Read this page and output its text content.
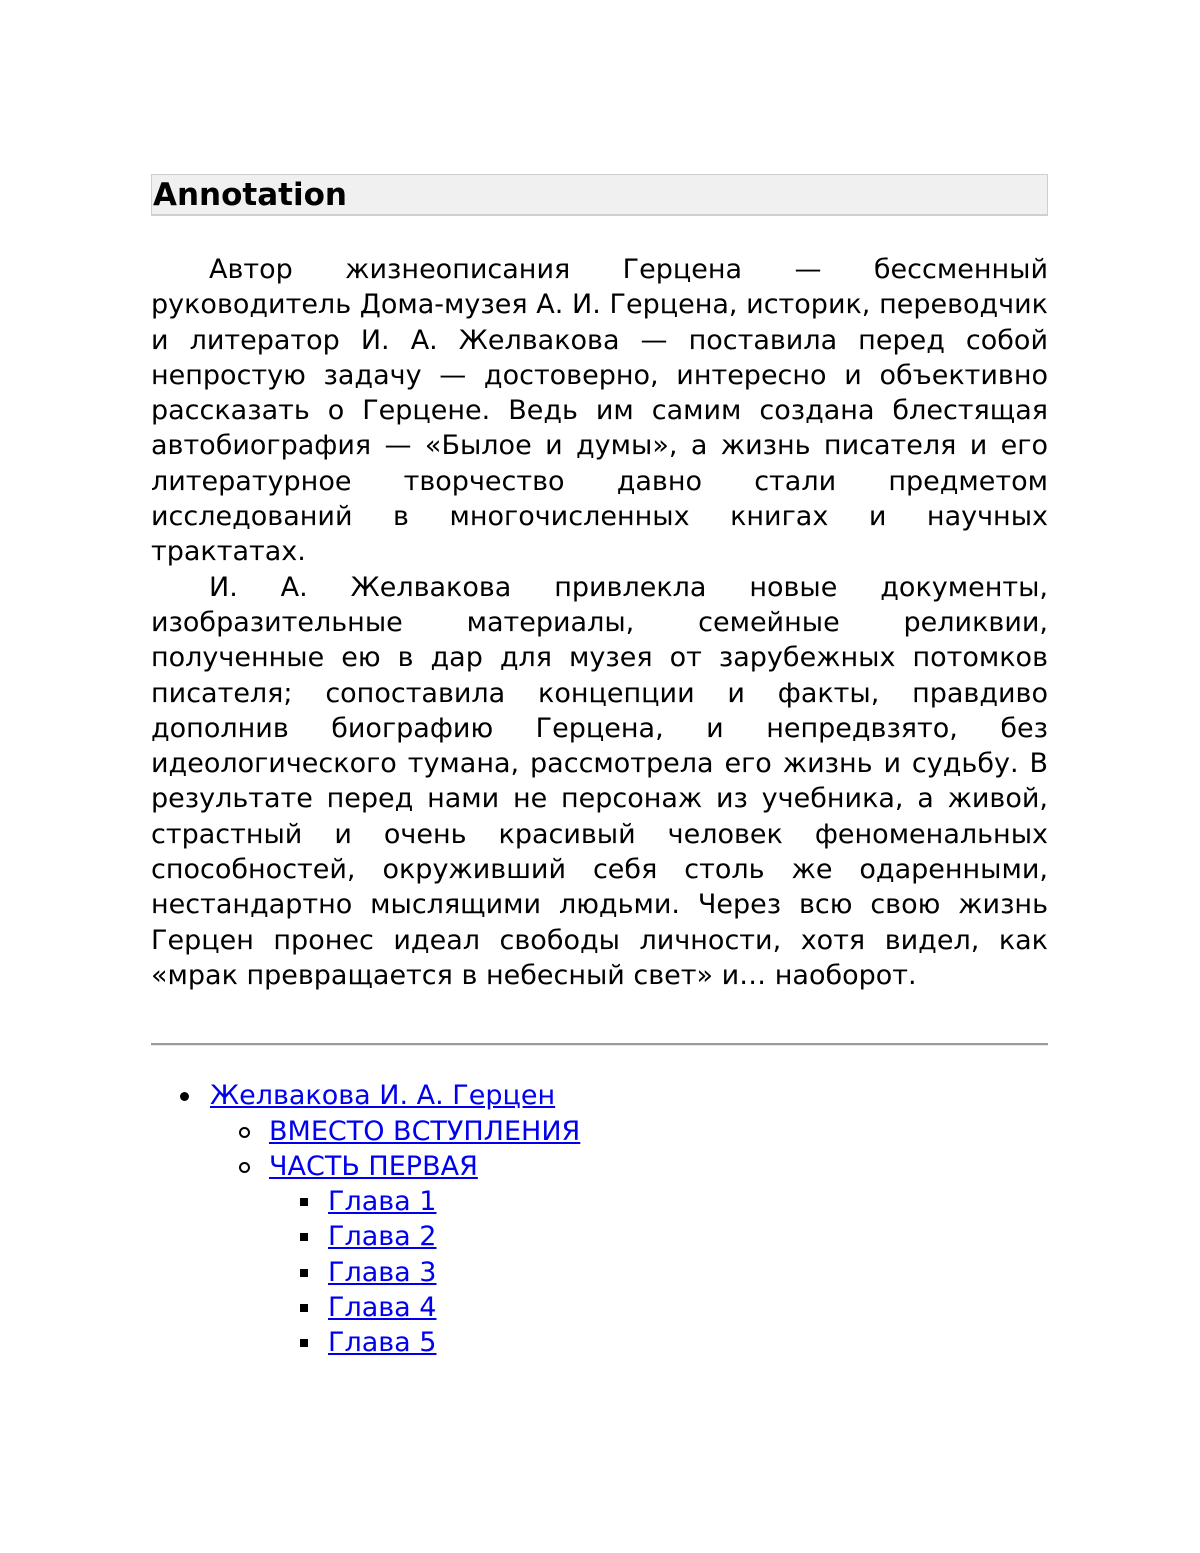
Annotation

Автор жизнеописания Герцена — бессменный руководитель Дома-музея А. И. Герцена, историк, переводчик и литератор И. А. Желвакова — поставила перед собой непростую задачу — достоверно, интересно и объективно рассказать о Герцене. Ведь им самим создана блестящая автобиография — «Былое и думы», а жизнь писателя и его литературное творчество давно стали предметом исследований в многочисленных книгах и научных трактатах.

И. А. Желвакова привлекла новые документы, изобразительные материалы, семейные реликвии, полученные ею в дар для музея от зарубежных потомков писателя; сопоставила концепции и факты, правдиво дополнив биографию Герцена, и непредвзято, без идеологического тумана, рассмотрела его жизнь и судьбу. В результате перед нами не персонаж из учебника, а живой, страстный и очень красивый человек феноменальных способностей, окруживший себя столь же одаренными, нестандартно мыслящими людьми. Через всю свою жизнь Герцен пронес идеал свободы личности, хотя видел, как «мрак превращается в небесный свет» и… наоборот.

Желвакова И. А. Герцен
ВМЕСТО ВСТУПЛЕНИЯ
ЧАСТЬ ПЕРВАЯ
Глава 1
Глава 2
Глава 3
Глава 4
Глава 5
